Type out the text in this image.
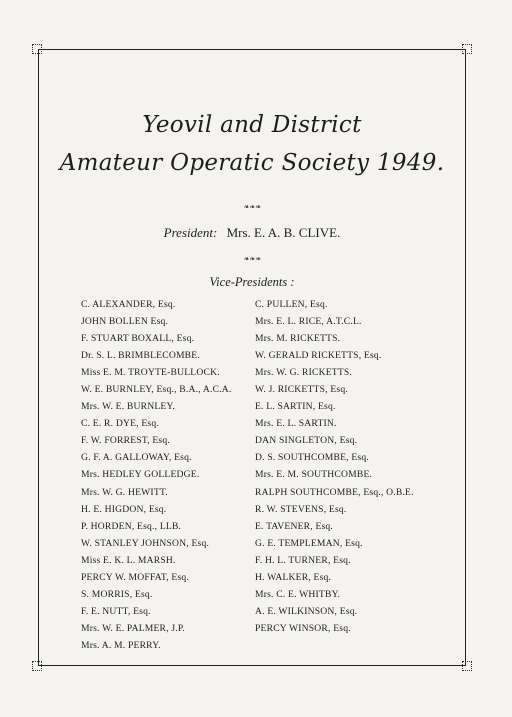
Yeovil and District
Amateur Operatic Society 1949.
❧❧❧
President: Mrs. E. A. B. CLIVE.
❧❧❧
Vice-Presidents :
C. ALEXANDER, Esq.
JOHN BOLLEN Esq.
F. STUART BOXALL, Esq.
Dr. S. L. BRIMBLECOMBE.
Miss E. M. TROYTE-BULLOCK.
W. E. BURNLEY, Esq., B.A., A.C.A.
Mrs. W. E. BURNLEY.
C. E. R. DYE, Esq.
F. W. FORREST, Esq.
G. F. A. GALLOWAY, Esq.
Mrs. HEDLEY GOLLEDGE.
Mrs. W. G. HEWITT.
H. E. HIGDON, Esq.
P. HORDEN, Esq., LLB.
W. STANLEY JOHNSON, Esq.
Miss E. K. L. MARSH.
PERCY W. MOFFAT, Esq.
S. MORRIS, Esq.
F. E. NUTT, Esq.
Mrs. W. E. PALMER, J.P.
Mrs. A. M. PERRY.
C. PULLEN, Esq.
Mrs. E. L. RICE, A.T.C.L.
Mrs. M. RICKETTS.
W. GERALD RICKETTS, Esq.
Mrs. W. G. RICKETTS.
W. J. RICKETTS, Esq.
E. L. SARTIN, Esq.
Mrs. E. L. SARTIN.
DAN SINGLETON, Esq.
D. S. SOUTHCOMBE, Esq.
Mrs. E. M. SOUTHCOMBE.
RALPH SOUTHCOMBE, Esq., O.B.E.
R. W. STEVENS, Esq.
E. TAVENER, Esq.
G. E. TEMPLEMAN, Esq.
F. H. L. TURNER, Esq.
H. WALKER, Esq.
Mrs. C. E. WHITBY.
A. E. WILKINSON, Esq.
PERCY WINSOR, Esq.
